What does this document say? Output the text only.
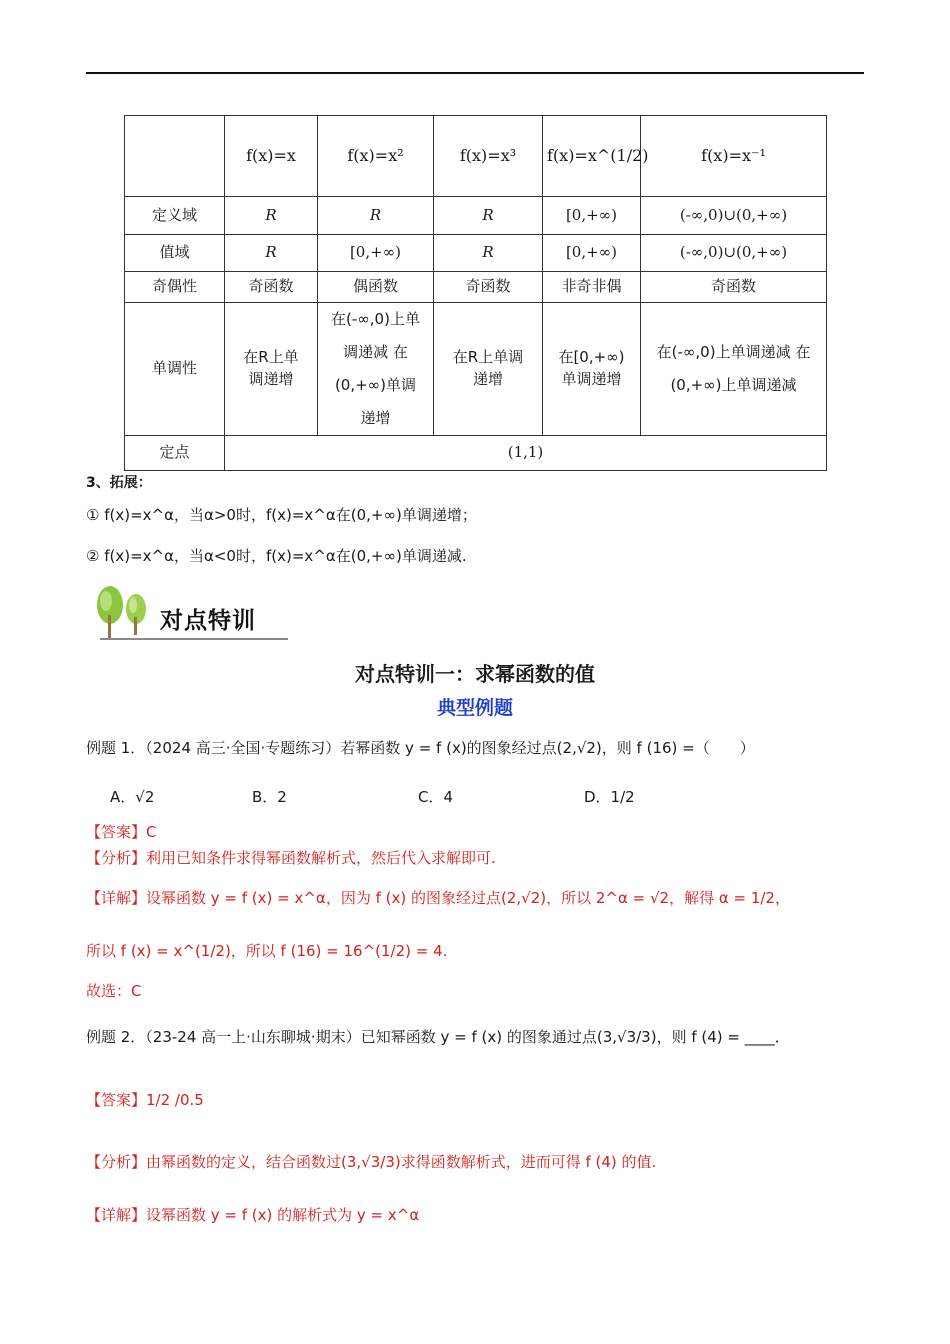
	f(x)=x	f(x)=x²	f(x)=x³	f(x)=x^(1/2)	f(x)=x⁻¹
定义域	R	R	R	[0,+∞)	(-∞,0)∪(0,+∞)
值域	R	[0,+∞)	R	[0,+∞)	(-∞,0)∪(0,+∞)
奇偶性	奇函数	偶函数	奇函数	非奇非偶	奇函数
单调性	在R上单调递增	在(-∞,0)上单调递减 在(0,+∞)单调递增	在R上单调递增	在[0,+∞)单调递增	在(-∞,0)上单调递减 在(0,+∞)上单调递减
定点	(1,1)				
3、拓展：
① f(x)=x^α，当α>0时，f(x)=x^α在(0,+∞)单调递增；
② f(x)=x^α，当α<0时，f(x)=x^α在(0,+∞)单调递减.
对点特训
对点特训一：求幂函数的值
典型例题
例题 1．（2024 高三·全国·专题练习）若幂函数 y = f (x)的图象经过点(2,√2)，则 f (16) =（　　）
A．√2	B．2	C．4	D．1/2
【答案】C
【分析】利用已知条件求得幂函数解析式，然后代入求解即可.
【详解】设幂函数 y = f (x) = x^α，因为 f (x) 的图象经过点(2,√2)，所以 2^α = √2，解得 α = 1/2，
所以 f (x) = x^(1/2)，所以 f (16) = 16^(1/2) = 4.
故选：C
例题 2．（23-24 高一上·山东聊城·期末）已知幂函数 y = f (x) 的图象通过点(3,√3/3)，则 f (4) = ____．
【答案】1/2 /0.5
【分析】由幂函数的定义，结合函数过(3,√3/3)求得函数解析式，进而可得 f (4) 的值.
【详解】设幂函数 y = f (x) 的解析式为 y = x^α
